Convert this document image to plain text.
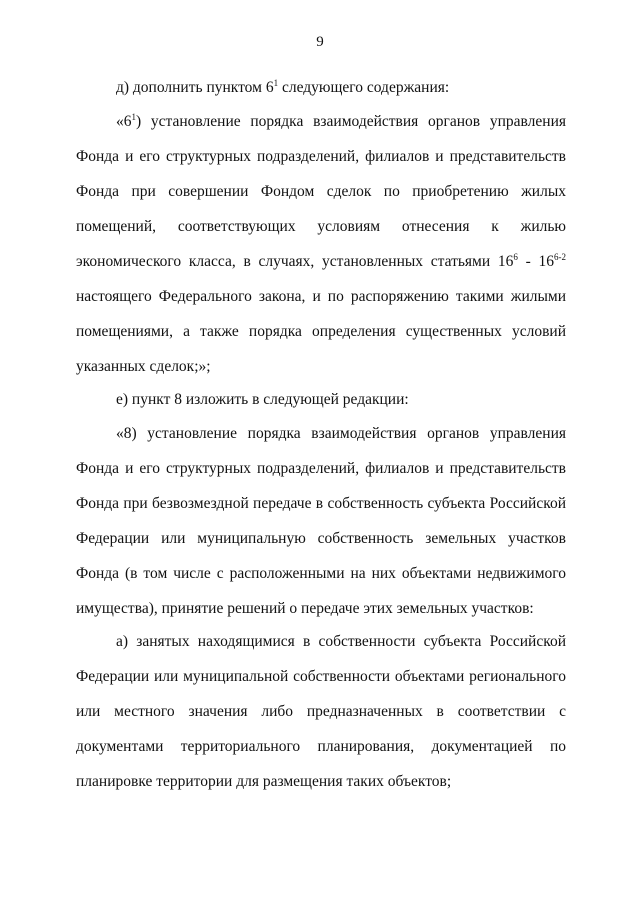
9

д) дополнить пунктом $6^1$ следующего содержания:

«$6^1$) установление порядка взаимодействия органов управления Фонда и его структурных подразделений, филиалов и представительств Фонда при совершении Фондом сделок по приобретению жилых помещений, соответствующих условиям отнесения к жилью экономического класса, в случаях, установленных статьями $16^6 - 16^{6-2}$ настоящего Федерального закона, и по распоряжению такими жилыми помещениями, а также порядка определения существенных условий указанных сделок;»;

е) пункт 8 изложить в следующей редакции:

«8) установление порядка взаимодействия органов управления Фонда и его структурных подразделений, филиалов и представительств Фонда при безвозмездной передаче в собственность субъекта Российской Федерации или муниципальную собственность земельных участков Фонда (в том числе с расположенными на них объектами недвижимого имущества), принятие решений о передаче этих земельных участков:

а) занятых находящимися в собственности субъекта Российской Федерации или муниципальной собственности объектами регионального или местного значения либо предназначенных в соответствии с документами территориального планирования, документацией по планировке территории для размещения таких объектов;
